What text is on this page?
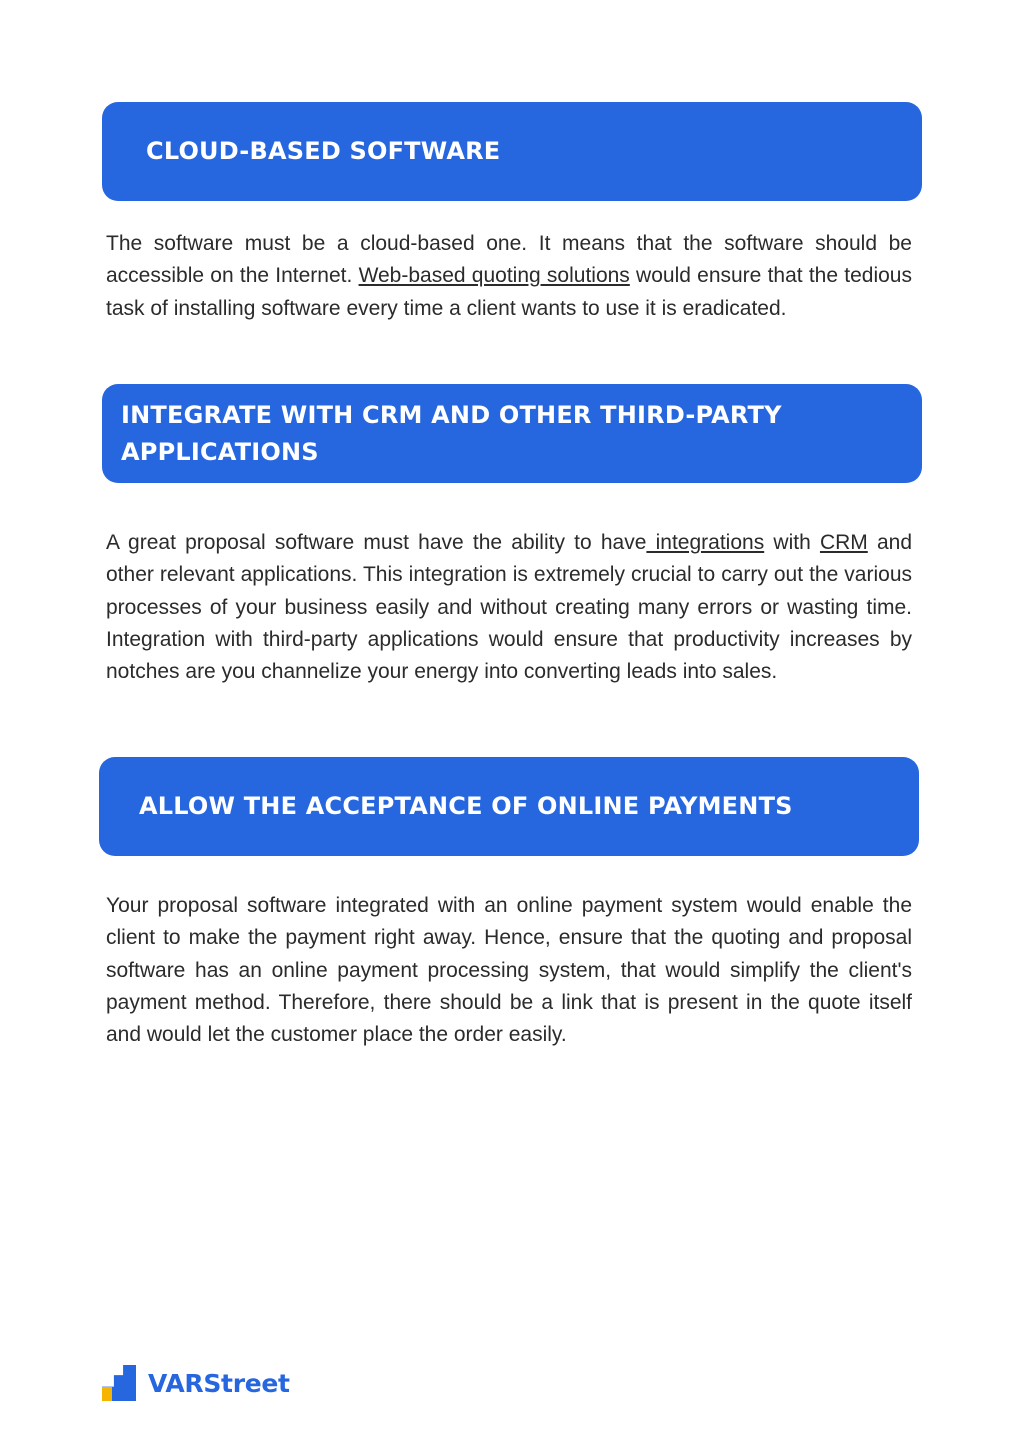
CLOUD-BASED SOFTWARE

The software must be a cloud-based one. It means that the software should be accessible on the Internet. Web-based quoting solutions would ensure that the tedious task of installing software every time a client wants to use it is eradicated.

INTEGRATE WITH CRM AND OTHER THIRD-PARTY APPLICATIONS

A great proposal software must have the ability to have integrations with CRM and other relevant applications. This integration is extremely crucial to carry out the various processes of your business easily and without creating many errors or wasting time. Integration with third-party applications would ensure that productivity increases by notches are you channelize your energy into converting leads into sales.

ALLOW THE ACCEPTANCE OF ONLINE PAYMENTS

Your proposal software integrated with an online payment system would enable the client to make the payment right away. Hence, ensure that the quoting and proposal software has an online payment processing system, that would simplify the client's payment method. Therefore, there should be a link that is present in the quote itself and would let the customer place the order easily.

VARStreet
